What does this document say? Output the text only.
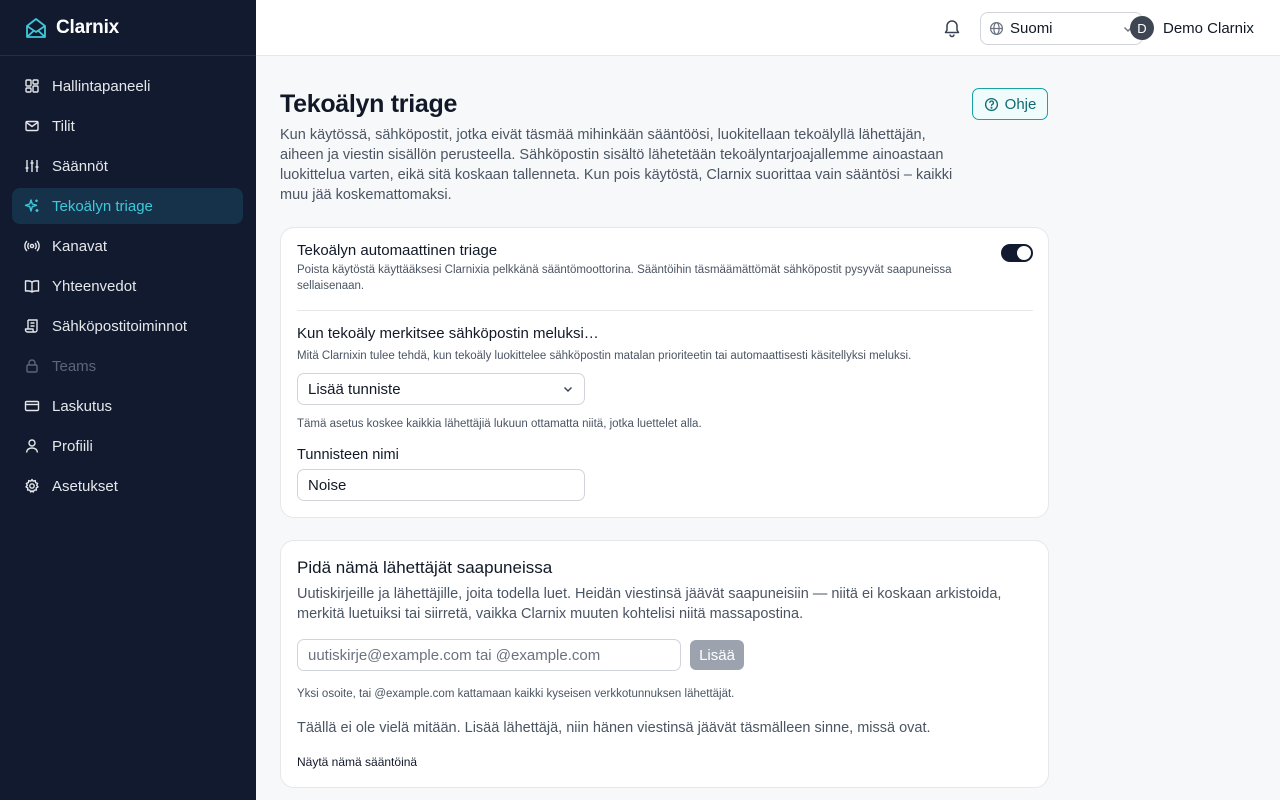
Clarnix
Hallintapaneeli
Tilit
Säännöt
Tekoälyn triage
Kanavat
Yhteenvedot
Sähköpostitoiminnot
Teams
Laskutus
Profiili
Asetukset
Suomi	D	Demo Clarnix
Tekoälyn triage	Ohje

Kun käytössä, sähköpostit, jotka eivät täsmää mihinkään sääntöösi, luokitellaan tekoälyllä lähettäjän, aiheen ja viestin sisällön perusteella. Sähköpostin sisältö lähetetään tekoälyntarjoajallemme ainoastaan luokittelua varten, eikä sitä koskaan tallenneta. Kun pois käytöstä, Clarnix suorittaa vain sääntösi – kaikki muu jää koskemattomaksi.

Tekoälyn automaattinen triage
Poista käytöstä käyttääksesi Clarnixia pelkkänä sääntömoottorina. Sääntöihin täsmäämättömät sähköpostit pysyvät saapuneissa sellaisenaan.
Kun tekoäly merkitsee sähköpostin meluksi…
Mitä Clarnixin tulee tehdä, kun tekoäly luokittelee sähköpostin matalan prioriteetin tai automaattisesti käsitellyksi meluksi.
Lisää tunniste
Tämä asetus koskee kaikkia lähettäjiä lukuun ottamatta niitä, jotka luettelet alla.
Tunnisteen nimi
Noise
Pidä nämä lähettäjät saapuneissa

Uutiskirjeille ja lähettäjille, joita todella luet. Heidän viestinsä jäävät saapuneisiin — niitä ei koskaan arkistoida, merkitä luetuiksi tai siirretä, vaikka Clarnix muuten kohtelisi niitä massapostina.

uutiskirje@example.com tai @example.com
Lisää
Yksi osoite, tai @example.com kattamaan kaikki kyseisen verkkotunnuksen lähettäjät.
Täällä ei ole vielä mitään. Lisää lähettäjä, niin hänen viestinsä jäävät täsmälleen sinne, missä ovat.
Näytä nämä sääntöinä
